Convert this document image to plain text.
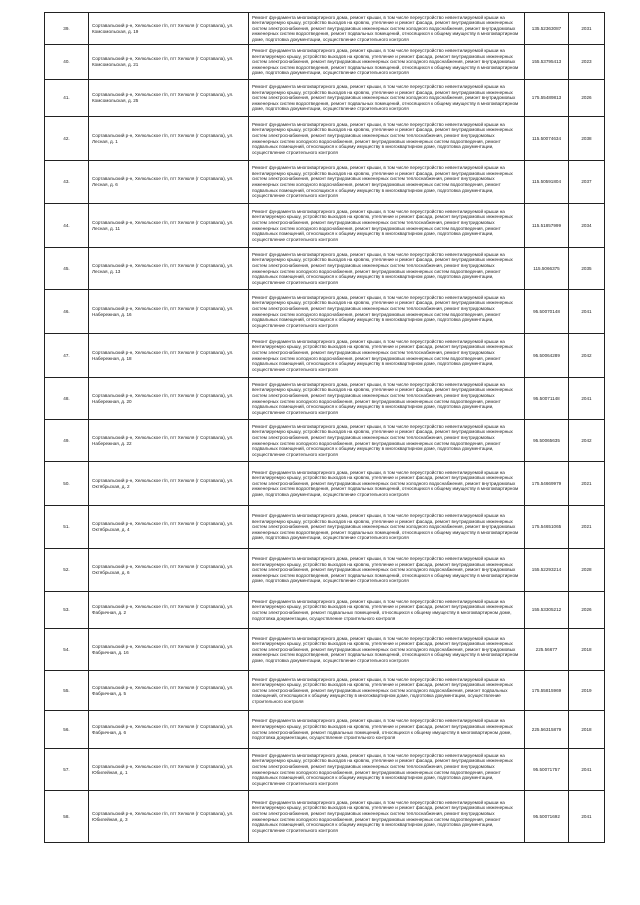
39.	Сортавальский р-н, Хелюльское г/п, пгт Хелюля (г Сортавала), ул. Комсомольская, д. 19	Ремонт фундамента многоквартирного дома, ремонт крыши, в том числе переустройство невентилируемой крыши на вентилируемую крышу, устройство выходов на кровлю, утепление и ремонт фасада, ремонт внутридомовых инженерных систем электроснабжения, ремонт внутридомовых инженерных систем холодного водоснабжения, ремонт внутридомовых инженерных систем водоотведения, ремонт подвальных помещений, относящихся к общему имуществу в многоквартирном доме, подготовка документации, осуществление строительного контроля	135.52363087	2031	
40.	Сортавальский р-н, Хелюльское г/п, пгт Хелюля (г Сортавала), ул. Комсомольская, д. 21	Ремонт фундамента многоквартирного дома, ремонт крыши, в том числе переустройство невентилируемой крыши на вентилируемую крышу, устройство выходов на кровлю, утепление и ремонт фасада, ремонт внутридомовых инженерных систем электроснабжения, ремонт внутридомовых инженерных систем холодного водоснабжения, ремонт внутридомовых инженерных систем водоотведения, ремонт подвальных помещений, относящихся к общему имуществу в многоквартирном доме, подготовка документации, осуществление строительного контроля	155.53795413	2023	
41.	Сортавальский р-н, Хелюльское г/п, пгт Хелюля (г Сортавала), ул. Комсомольская, д. 25	Ремонт фундамента многоквартирного дома, ремонт крыши, в том числе переустройство невентилируемой крыши на вентилируемую крышу, устройство выходов на кровлю, утепление и ремонт фасада, ремонт внутридомовых инженерных систем электроснабжения, ремонт внутридомовых инженерных систем холодного водоснабжения, ремонт внутридомовых инженерных систем водоотведения, ремонт подвальных помещений, относящихся к общему имуществу в многоквартирном доме, подготовка документации, осуществление строительного контроля	175.55489813	2026	
42.	Сортавальский р-н, Хелюльское г/п, пгт Хелюля (г Сортавала), ул. Лесная, д. 1	Ремонт фундамента многоквартирного дома, ремонт крыши, в том числе переустройство невентилируемой крыши на вентилируемую крышу, устройство выходов на кровлю, утепление и ремонт фасада, ремонт внутридомовых инженерных систем электроснабжения, ремонт внутридомовых инженерных систем теплоснабжения, ремонт внутридомовых инженерных систем холодного водоснабжения, ремонт внутридомовых инженерных систем водоотведения, ремонт подвальных помещений, относящихся к общему имуществу в многоквартирном доме, подготовка документации, осуществление строительного контроля	115.50074634	2038	
43.	Сортавальский р-н, Хелюльское г/п, пгт Хелюля (г Сортавала), ул. Лесная, д. 6	Ремонт фундамента многоквартирного дома, ремонт крыши, в том числе переустройство невентилируемой крыши на вентилируемую крышу, устройство выходов на кровлю, утепление и ремонт фасада, ремонт внутридомовых инженерных систем электроснабжения, ремонт внутридомовых инженерных систем теплоснабжения, ремонт внутридомовых инженерных систем холодного водоснабжения, ремонт внутридомовых инженерных систем водоотведения, ремонт подвальных помещений, относящихся к общему имуществу в многоквартирном доме, подготовка документации, осуществление строительного контроля	115.50591804	2037	
44.	Сортавальский р-н, Хелюльское г/п, пгт Хелюля (г Сортавала), ул. Лесная, д. 11	Ремонт фундамента многоквартирного дома, ремонт крыши, в том числе переустройство невентилируемой крыши на вентилируемую крышу, устройство выходов на кровлю, утепление и ремонт фасада, ремонт внутридомовых инженерных систем электроснабжения, ремонт внутридомовых инженерных систем теплоснабжения, ремонт внутридомовых инженерных систем холодного водоснабжения, ремонт внутридомовых инженерных систем водоотведения, ремонт подвальных помещений, относящихся к общему имуществу в многоквартирном доме, подготовка документации, осуществление строительного контроля	115.51857999	2034	
45.	Сортавальский р-н, Хелюльское г/п, пгт Хелюля (г Сортавала), ул. Лесная, д. 13	Ремонт фундамента многоквартирного дома, ремонт крыши, в том числе переустройство невентилируемой крыши на вентилируемую крышу, устройство выходов на кровлю, утепление и ремонт фасада, ремонт внутридомовых инженерных систем электроснабжения, ремонт внутридомовых инженерных систем теплоснабжения, ремонт внутридомовых инженерных систем холодного водоснабжения, ремонт внутридомовых инженерных систем водоотведения, ремонт подвальных помещений, относящихся к общему имуществу в многоквартирном доме, подготовка документации, осуществление строительного контроля	115.5066375	2035	
46.	Сортавальский р-н, Хелюльское г/п, пгт Хелюля (г Сортавала), ул. Набережная, д. 16	Ремонт фундамента многоквартирного дома, ремонт крыши, в том числе переустройство невентилируемой крыши на вентилируемую крышу, устройство выходов на кровлю, утепление и ремонт фасада, ремонт внутридомовых инженерных систем электроснабжения, ремонт внутридомовых инженерных систем теплоснабжения, ремонт внутридомовых инженерных систем холодного водоснабжения, ремонт внутридомовых инженерных систем водоотведения, ремонт подвальных помещений, относящихся к общему имуществу в многоквартирном доме, подготовка документации, осуществление строительного контроля	95.50070148	2041	
47.	Сортавальский р-н, Хелюльское г/п, пгт Хелюля (г Сортавала), ул. Набережная, д. 18	Ремонт фундамента многоквартирного дома, ремонт крыши, в том числе переустройство невентилируемой крыши на вентилируемую крышу, устройство выходов на кровлю, утепление и ремонт фасада, ремонт внутридомовых инженерных систем электроснабжения, ремонт внутридомовых инженерных систем теплоснабжения, ремонт внутридомовых инженерных систем холодного водоснабжения, ремонт внутридомовых инженерных систем водоотведения, ремонт подвальных помещений, относящихся к общему имуществу в многоквартирном доме, подготовка документации, осуществление строительного контроля	95.50064289	2042	
48.	Сортавальский р-н, Хелюльское г/п, пгт Хелюля (г Сортавала), ул. Набережная, д. 20	Ремонт фундамента многоквартирного дома, ремонт крыши, в том числе переустройство невентилируемой крыши на вентилируемую крышу, устройство выходов на кровлю, утепление и ремонт фасада, ремонт внутридомовых инженерных систем электроснабжения, ремонт внутридомовых инженерных систем теплоснабжения, ремонт внутридомовых инженерных систем холодного водоснабжения, ремонт внутридомовых инженерных систем водоотведения, ремонт подвальных помещений, относящихся к общему имуществу в многоквартирном доме, подготовка документации, осуществление строительного контроля	95.50071148	2041	
49.	Сортавальский р-н, Хелюльское г/п, пгт Хелюля (г Сортавала), ул. Набережная, д. 22	Ремонт фундамента многоквартирного дома, ремонт крыши, в том числе переустройство невентилируемой крыши на вентилируемую крышу, устройство выходов на кровлю, утепление и ремонт фасада, ремонт внутридомовых инженерных систем электроснабжения, ремонт внутридомовых инженерных систем теплоснабжения, ремонт внутридомовых инженерных систем холодного водоснабжения, ремонт внутридомовых инженерных систем водоотведения, ремонт подвальных помещений, относящихся к общему имуществу в многоквартирном доме, подготовка документации, осуществление строительного контроля	95.50065635	2042	
50.	Сортавальский р-н, Хелюльское г/п, пгт Хелюля (г Сортавала), ул. Октябрьская, д. 2	Ремонт фундамента многоквартирного дома, ремонт крыши, в том числе переустройство невентилируемой крыши на вентилируемую крышу, устройство выходов на кровлю, утепление и ремонт фасада, ремонт внутридомовых инженерных систем электроснабжения, ремонт внутридомовых инженерных систем холодного водоснабжения, ремонт внутридомовых инженерных систем водоотведения, ремонт подвальных помещений, относящихся к общему имуществу в многоквартирном доме, подготовка документации, осуществление строительного контроля	175.54669979	2021	
51.	Сортавальский р-н, Хелюльское г/п, пгт Хелюля (г Сортавала), ул. Октябрьская, д. 4	Ремонт фундамента многоквартирного дома, ремонт крыши, в том числе переустройство невентилируемой крыши на вентилируемую крышу, устройство выходов на кровлю, утепление и ремонт фасада, ремонт внутридомовых инженерных систем электроснабжения, ремонт внутридомовых инженерных систем холодного водоснабжения, ремонт внутридомовых инженерных систем водоотведения, ремонт подвальных помещений, относящихся к общему имуществу в многоквартирном доме, подготовка документации, осуществление строительного контроля	175.54651065	2021	
52.	Сортавальский р-н, Хелюльское г/п, пгт Хелюля (г Сортавала), ул. Октябрьская, д. 6	Ремонт фундамента многоквартирного дома, ремонт крыши, в том числе переустройство невентилируемой крыши на вентилируемую крышу, устройство выходов на кровлю, утепление и ремонт фасада, ремонт внутридомовых инженерных систем электроснабжения, ремонт внутридомовых инженерных систем холодного водоснабжения, ремонт внутридомовых инженерных систем водоотведения, ремонт подвальных помещений, относящихся к общему имуществу в многоквартирном доме, подготовка документации, осуществление строительного контроля	155.52293214	2028	
53.	Сортавальский р-н, Хелюльское г/п, пгт Хелюля (г Сортавала), ул. Фабричная, д. 2	Ремонт фундамента многоквартирного дома, ремонт крыши, в том числе переустройство невентилируемой крыши на вентилируемую крышу, устройство выходов на кровлю, утепление и ремонт фасада, ремонт внутридомовых инженерных систем электроснабжения, ремонт подвальных помещений, относящихся к общему имуществу в многоквартирном доме, подготовка документации, осуществление строительного контроля	155.53305212	2026	
54.	Сортавальский р-н, Хелюльское г/п, пгт Хелюля (г Сортавала), ул. Фабричная, д. 16	Ремонт фундамента многоквартирного дома, ремонт крыши, в том числе переустройство невентилируемой крыши на вентилируемую крышу, устройство выходов на кровлю, утепление и ремонт фасада, ремонт внутридомовых инженерных систем электроснабжения, ремонт внутридомовых инженерных систем холодного водоснабжения, ремонт внутридомовых инженерных систем водоотведения, ремонт подвальных помещений, относящихся к общему имуществу в многоквартирном доме, подготовка документации, осуществление строительного контроля	225.56677	2018	
55.	Сортавальский р-н, Хелюльское г/п, пгт Хелюля (г Сортавала), ул. Фабричная, д. 5	Ремонт фундамента многоквартирного дома, ремонт крыши, в том числе переустройство невентилируемой крыши на вентилируемую крышу, устройство выходов на кровлю, утепление и ремонт фасада, ремонт внутридомовых инженерных систем электроснабжения, ремонт внутридомовых инженерных систем холодного водоснабжения, ремонт подвальных помещений, относящихся к общему имуществу в многоквартирном доме, подготовка документации, осуществление строительного контроля	175.55815969	2019	
56.	Сортавальский р-н, Хелюльское г/п, пгт Хелюля (г Сортавала), ул. Фабричная, д. 6	Ремонт фундамента многоквартирного дома, ремонт крыши, в том числе переустройство невентилируемой крыши на вентилируемую крышу, устройство выходов на кровлю, утепление и ремонт фасада, ремонт внутридомовых инженерных систем электроснабжения, ремонт подвальных помещений, относящихся к общему имуществу в многоквартирном доме, подготовка документации, осуществление строительного контроля	225.56315879	2018	
57.	Сортавальский р-н, Хелюльское г/п, пгт Хелюля (г Сортавала), ул. Юбилейная, д. 1	Ремонт фундамента многоквартирного дома, ремонт крыши, в том числе переустройство невентилируемой крыши на вентилируемую крышу, устройство выходов на кровлю, утепление и ремонт фасада, ремонт внутридомовых инженерных систем электроснабжения, ремонт внутридомовых инженерных систем теплоснабжения, ремонт внутридомовых инженерных систем холодного водоснабжения, ремонт внутридомовых инженерных систем водоотведения, ремонт подвальных помещений, относящихся к общему имуществу в многоквартирном доме, подготовка документации, осуществление строительного контроля	95.50071757	2041	
58.	Сортавальский р-н, Хелюльское г/п, пгт Хелюля (г Сортавала), ул. Юбилейная, д. 3	Ремонт фундамента многоквартирного дома, ремонт крыши, в том числе переустройство невентилируемой крыши на вентилируемую крышу, устройство выходов на кровлю, утепление и ремонт фасада, ремонт внутридомовых инженерных систем электроснабжения, ремонт внутридомовых инженерных систем теплоснабжения, ремонт внутридомовых инженерных систем холодного водоснабжения, ремонт внутридомовых инженерных систем водоотведения, ремонт подвальных помещений, относящихся к общему имуществу в многоквартирном доме, подготовка документации, осуществление строительного контроля	95.50071692	2041	
